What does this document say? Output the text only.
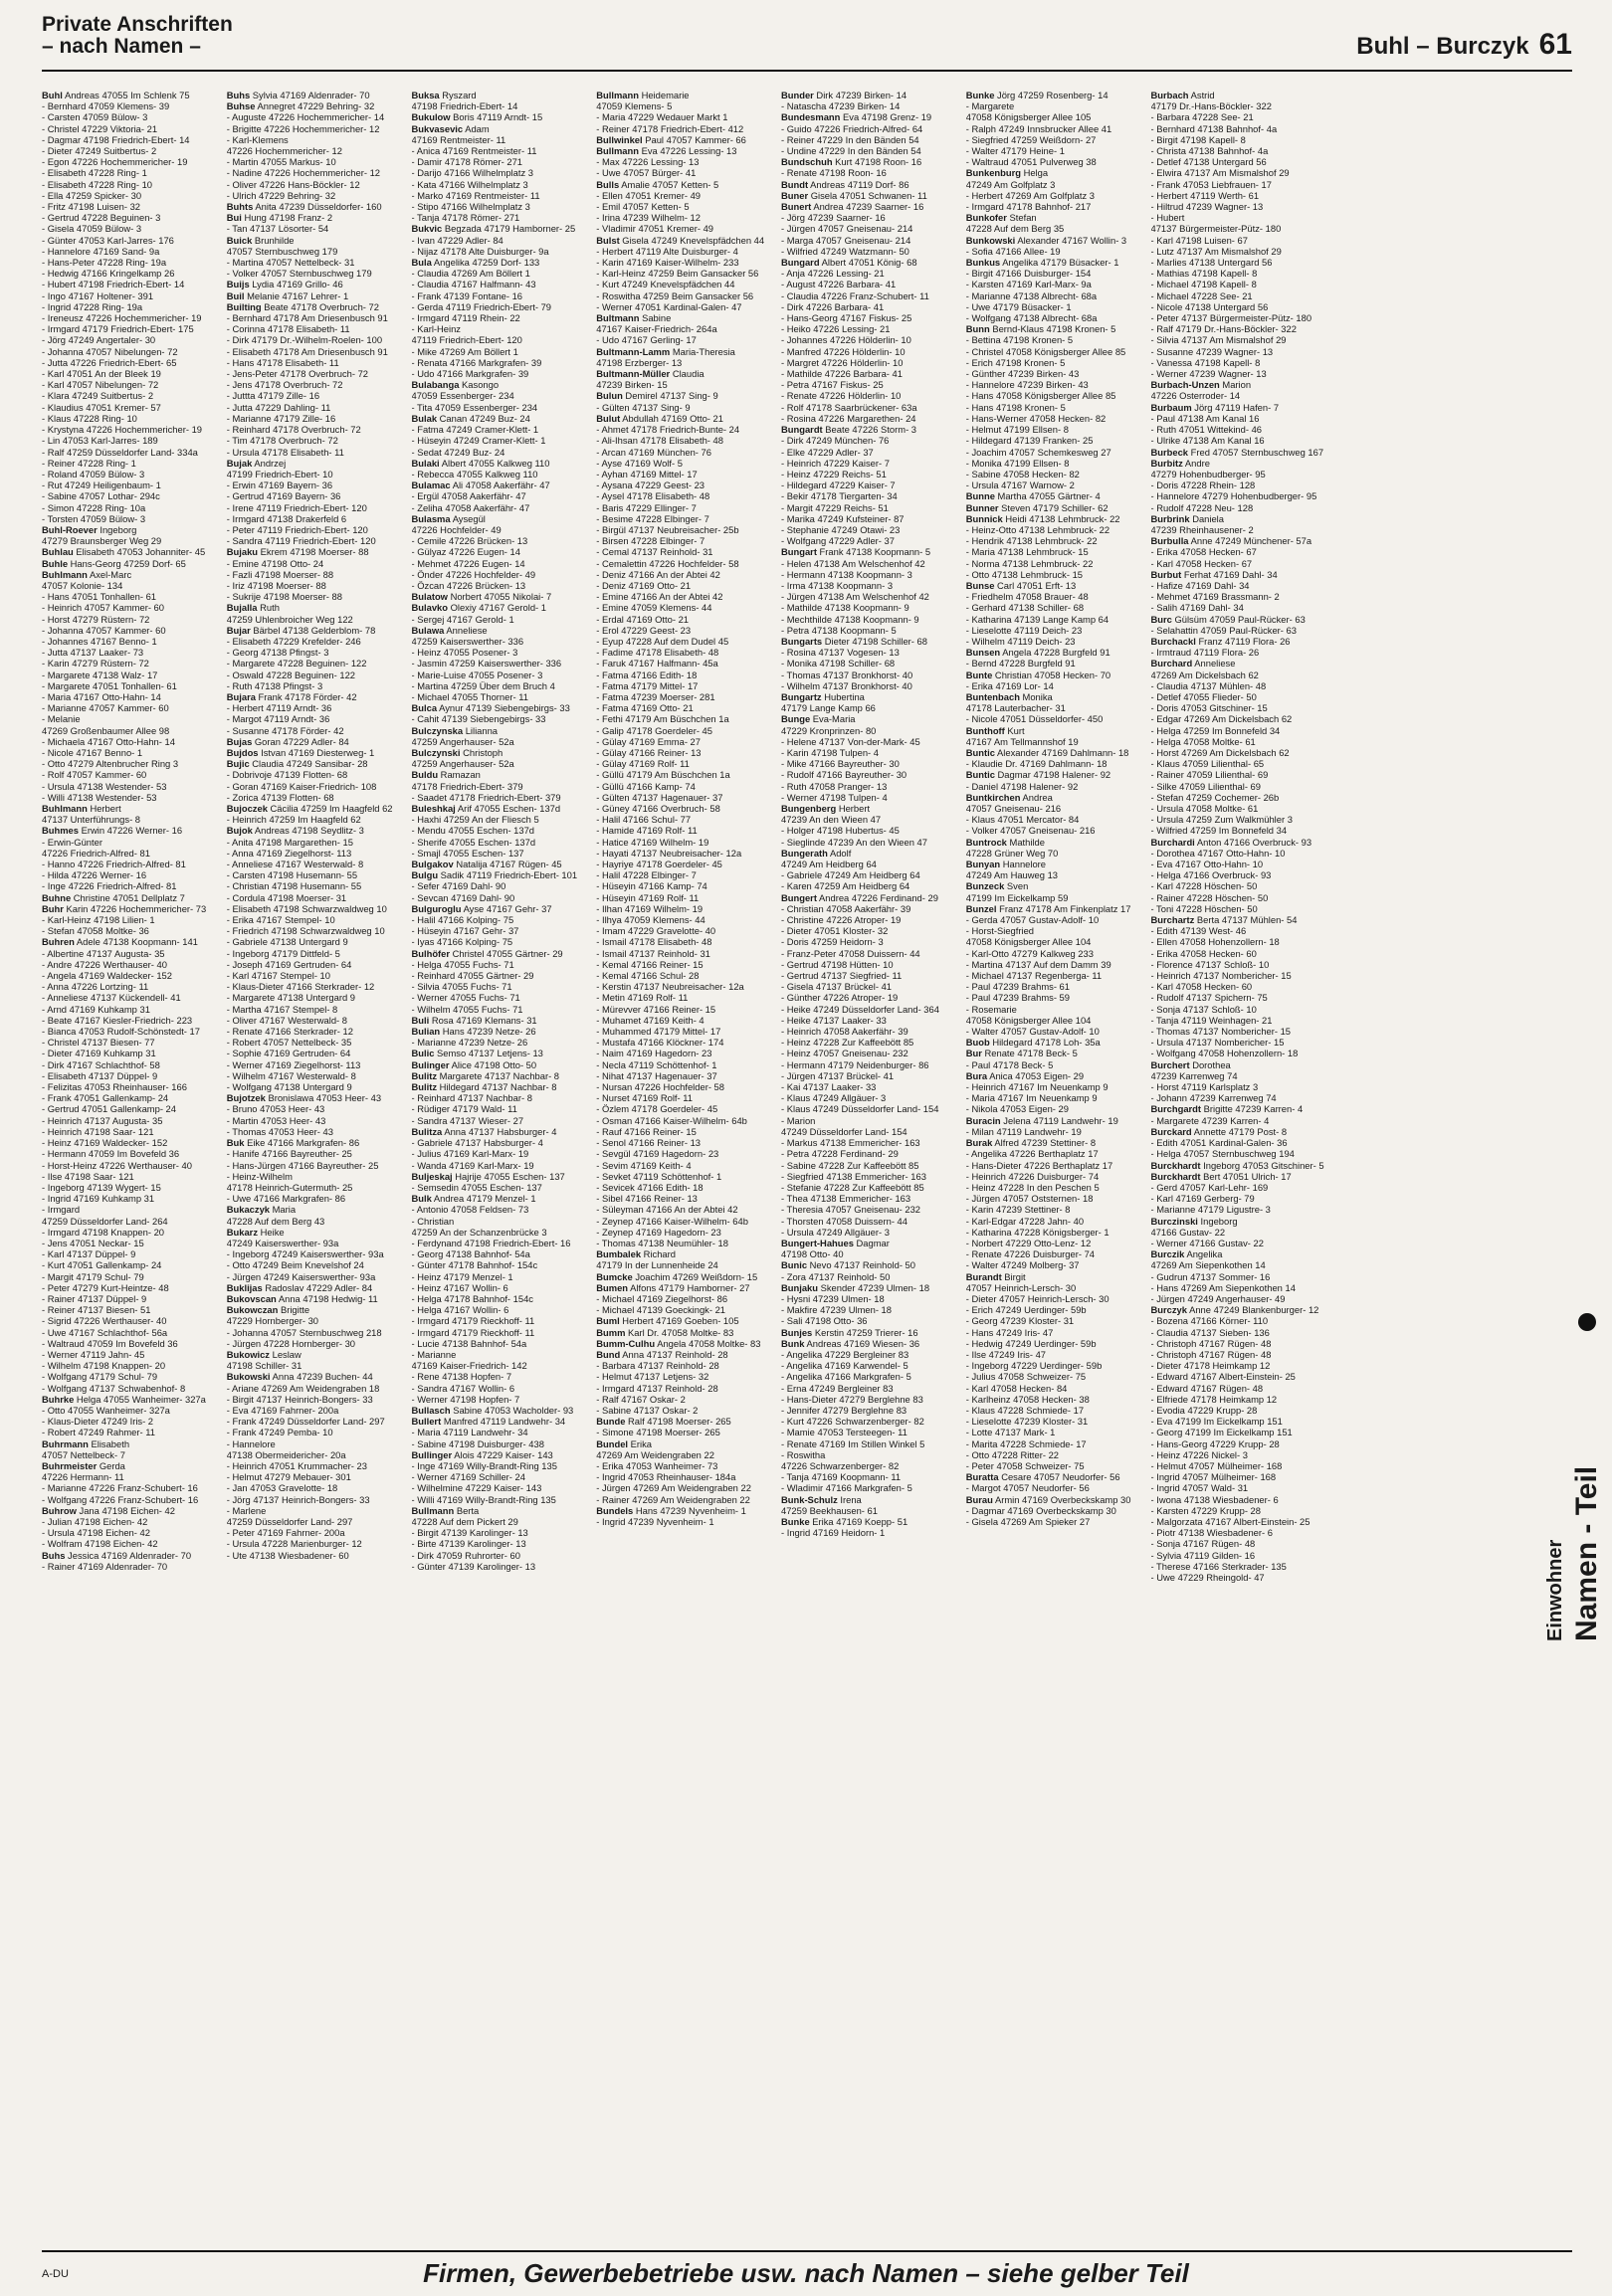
Private Anschriften
– nach Namen –	Buhl – Burczyk 61
Buhl Andreas 47055 Im Schlenk 75
- Bernhard 47059 Klemens- 39
- Carsten 47059 Bülow- 3
- Christel 47229 Viktoria- 21
- Dagmar 47198 Friedrich-Ebert- 14
- Dieter 47249 Suitbertus- 2
- Egon 47226 Hochemmericher- 19
- Elisabeth 47228 Ring- 1
- Elisabeth 47228 Ring- 10
- Ella 47259 Spicker- 30
- Fritz 47198 Luisen- 32
- Gertrud 47228 Beguinen- 3
- Gisela 47059 Bülow- 3
- Günter 47053 Karl-Jarres- 176
- Hannelore 47169 Sand- 9a
- Hans-Peter 47228 Ring- 19a
- Hedwig 47166 Kringelkamp 26
- Hubert 47198 Friedrich-Ebert- 14
- Ingo 47167 Holtener- 391
- Ingrid 47228 Ring- 19a
- Ireneusz 47226 Hochemmericher- 19
- Irmgard 47179 Friedrich-Ebert- 175
- Jörg 47249 Angertaler- 30
- Johanna 47057 Nibelungen- 72
- Jutta 47226 Friedrich-Ebert- 65
- Karl 47051 An der Bleek 19
- Karl 47057 Nibelungen- 72
- Klara 47249 Suitbertus- 2
- Klaudius 47051 Kremer- 57
- Klaus 47228 Ring- 10
- Krystyna 47226 Hochemmericher- 19
- Lin 47053 Karl-Jarres- 189
- Ralf 47259 Düsseldorfer Land- 334a
- Reiner 47228 Ring- 1
- Roland 47059 Bülow- 3
- Rut 47249 Heiligenbaum- 1
- Sabine 47057 Lothar- 294c
- Simon 47228 Ring- 10a
- Torsten 47059 Bülow- 3
Buhl-Roever Ingeborg
47279 Braunsberger Weg 29
Buhlau Elisabeth 47053 Johanniter- 45
Buhle Hans-Georg 47259 Dorf- 65
Buhlmann Axel-Marc
47057 Kolonie- 134
- Hans 47051 Tonhallen- 61
- Heinrich 47057 Kammer- 60
- Horst 47279 Rüstern- 72
- Johanna 47057 Kammer- 60
- Johannes 47167 Benno- 1
- Jutta 47137 Laaker- 73
- Karin 47279 Rüstern- 72
- Margarete 47138 Walz- 17
- Margarete 47051 Tonhallen- 61
- Maria 47167 Otto-Hahn- 14
- Marianne 47057 Kammer- 60
- Melanie
47269 Großenbaumer Allee 98
- Michaela 47167 Otto-Hahn- 14
- Nicole 47167 Benno- 1
- Otto 47279 Altenbrucher Ring 3
- Rolf 47057 Kammer- 60
- Ursula 47138 Westender- 53
- Willi 47138 Westender- 53
Buhlmann Herbert
47137 Unterführungs- 8
Buhmes Erwin 47226 Werner- 16
- Erwin-Günter
47226 Friedrich-Alfred- 81
- Hanno 47226 Friedrich-Alfred- 81
- Hilda 47226 Werner- 16
- Inge 47226 Friedrich-Alfred- 81
Buhne Christine 47051 Dellplatz 7
Buhr Karin 47226 Hochemmericher- 73
- Karl-Heinz 47198 Lilien- 1
- Stefan 47058 Moltke- 36
Buhren Adele 47138 Koopmann- 141
- Albertine 47137 Augusta- 35
- Andre 47226 Werthauser- 40
- Angela 47169 Waldecker- 152
- Anna 47226 Lortzing- 11
- Anneliese 47137 Kückendell- 41
- Arnd 47169 Kuhkamp 31
- Beate 47167 Kiesler-Friedrich- 223
- Bianca 47053 Rudolf-Schönstedt- 17
- Christel 47137 Biesen- 77
- Dieter 47169 Kuhkamp 31
- Dirk 47167 Schlachthof- 58
- Elisabeth 47137 Düppel- 9
- Felizitas 47053 Rheinhauser- 166
- Frank 47051 Gallenkamp- 24
- Gertrud 47051 Gallenkamp- 24
- Heinrich 47137 Augusta- 35
- Heinrich 47198 Saar- 121
- Heinz 47169 Waldecker- 152
- Hermann 47059 Im Bovefeld 36
- Horst-Heinz 47226 Werthauser- 40
- Ilse 47198 Saar- 121
- Ingeborg 47139 Wygert- 15
- Ingrid 47169 Kuhkamp 31
- Irmgard
47259 Düsseldorfer Land- 264
- Irmgard 47198 Knappen- 20
- Jens 47051 Neckar- 15
- Karl 47137 Düppel- 9
- Kurt 47051 Gallenkamp- 24
- Margit 47179 Schul- 79
- Peter 47279 Kurt-Heintze- 48
- Rainer 47137 Düppel- 9
- Reiner 47137 Biesen- 51
- Sigrid 47226 Werthauser- 40
- Uwe 47167 Schlachthof- 56a
- Waltraud 47059 Im Bovefeld 36
- Werner 47119 Jahn- 45
- Wilhelm 47198 Knappen- 20
- Wolfgang 47179 Schul- 79
- Wolfgang 47137 Schwabenhof- 8
Buhrke Helga 47055 Wanheimer- 327a
- Otto 47055 Wanheimer- 327a
- Klaus-Dieter 47249 Iris- 2
- Robert 47249 Rahmer- 11
Buhrmann Elisabeth
47057 Nettelbeck- 7
Buhrmeister Gerda
47226 Hermann- 11
- Marianne 47226 Franz-Schubert- 16
- Wolfgang 47226 Franz-Schubert- 16
Buhrow Jana 47198 Eichen- 42
- Julian 47198 Eichen- 42
- Ursula 47198 Eichen- 42
- Wolfram 47198 Eichen- 42
Buhs Jessica 47169 Aldenrader- 70
- Rainer 47169 Aldenrader- 70
Buhs Sylvia 47169 Aldenrader- 70
Buhse Annegret 47229 Behring- 32
- Auguste 47226 Hochemmericher- 14
- Brigitte 47226 Hochemmericher- 12
- Karl-Klemens
47226 Hochemmericher- 12
- Martin 47055 Markus- 10
- Nadine 47226 Hochemmericher- 12
- Oliver 47226 Hans-Böckler- 12
- Ulrich 47229 Behring- 32
Buhts Anita 47239 Düsseldorfer- 160
Bui Hung 47198 Franz- 2
- Tan 47137 Lösorter- 54
Buick Brunhilde
47057 Sternbuschweg 179
- Martina 47057 Nettelbeck- 31
- Volker 47057 Sternbuschweg 179
Buijs Lydia 47169 Grillo- 46
Buil Melanie 47167 Lehrer- 1
Builting Beate 47178 Overbruch- 72
- Bernhard 47178 Am Driesenbusch 91
- Corinna 47178 Elisabeth- 11
- Dirk 47179 Dr.-Wilhelm-Roelen- 100
- Elisabeth 47178 Am Driesenbusch 91
- Hans 47178 Elisabeth- 11
- Jens-Peter 47178 Overbruch- 72
- Jens 47178 Overbruch- 72
- Juttta 47179 Zille- 16
- Jutta 47229 Dahling- 11
- Marianne 47179 Zille- 16
- Reinhard 47178 Overbruch- 72
- Tim 47178 Overbruch- 72
- Ursula 47178 Elisabeth- 11
Bujak Andrzej
47199 Friedrich-Ebert- 10
- Erwin 47169 Bayern- 36
- Gertrud 47169 Bayern- 36
- Irene 47119 Friedrich-Ebert- 120
- Irmgard 47138 Drakerfeld 6
- Peter 47119 Friedrich-Ebert- 120
- Sandra 47119 Friedrich-Ebert- 120
Bujaku Ekrem 47198 Moerser- 88
- Emine 47198 Otto- 24
- Fazli 47198 Moerser- 88
- Iriz 47198 Moerser- 88
- Sukrije 47198 Moerser- 88
Bujalla Ruth
47259 Uhlenbroicher Weg 122
Bujar Bärbel 47138 Gelderblom- 78
- Elisabeth 47229 Krefelder- 246
- Georg 47138 Pfingst- 3
- Margarete 47228 Beguinen- 122
- Oswald 47228 Beguinen- 122
- Ruth 47138 Pfingst- 3
Bujara Frank 47178 Förder- 42
- Herbert 47119 Arndt- 36
- Margot 47119 Arndt- 36
- Susanne 47178 Förder- 42
Bujas Goran 47229 Adler- 84
Bujdos Istvan 47169 Diesterweg- 1
Bujic Claudia 47249 Sansibar- 28
- Dobrivoje 47139 Flotten- 68
- Goran 47169 Kaiser-Friedrich- 108
- Zorica 47139 Flotten- 68
Bujoczek Cäcilia 47259 Im Haagfeld 62
- Heinrich 47259 Im Haagfeld 62
Bujok Andreas 47198 Seydlitz- 3
- Anita 47198 Margarethen- 15
- Anna 47169 Ziegelhorst- 113
- Anneliese 47167 Westerwald- 8
- Carsten 47198 Husemann- 55
- Christian 47198 Husemann- 55
- Cordula 47198 Moerser- 31
- Elisabeth 47198 Schwarzwaldweg 10
- Erika 47167 Stempel- 10
- Friedrich 47198 Schwarzwaldweg 10
- Gabriele 47138 Untergard 9
- Ingeborg 47179 Dittfeld- 5
- Joseph 47169 Gertruden- 64
- Karl 47167 Stempel- 10
- Klaus-Dieter 47166 Sterkrader- 12
- Margarete 47138 Untergard 9
- Martha 47167 Stempel- 8
- Oliver 47167 Westerwald- 8
- Renate 47166 Sterkrader- 12
- Robert 47057 Nettelbeck- 35
- Sophie 47169 Gertruden- 64
- Werner 47169 Ziegelhorst- 113
- Wilhelm 47167 Westerwald- 8
- Wolfgang 47138 Untergard 9
Bujotzek Bronislawa 47053 Heer- 43
- Bruno 47053 Heer- 43
- Martin 47053 Heer- 43
- Thomas 47053 Heer- 43
Buk Eike 47166 Markgrafen- 86
- Hanife 47166 Bayreuther- 25
- Hans-Jürgen 47166 Bayreuther- 25
- Heinz-Wilhelm
47178 Heinrich-Gutermuth- 25
- Uwe 47166 Markgrafen- 86
Bukaczyk Maria
47228 Auf dem Berg 43
Bukarz Heike
47249 Kaiserswerther- 93a
- Ingeborg 47249 Kaiserswerther- 93a
- Otto 47249 Beim Knevelshof 24
- Jürgen 47249 Kaiserswerther- 93a
Buklijas Radoslav 47229 Adler- 84
Bukovscan Anna 47198 Hedwig- 11
Bukowczan Brigitte
47229 Hornberger- 30
- Johanna 47057 Sternbuschweg 218
- Jürgen 47228 Hornberger- 30
Bukowicz Leslaw
47198 Schiller- 31
Bukowski Anna 47239 Buchen- 44
- Ariane 47269 Am Weidengraben 18
- Birgit 47137 Heinrich-Bongers- 33
- Eva 47169 Fahrner- 200a
- Frank 47249 Düsseldorfer Land- 297
- Frank 47249 Pemba- 10
- Hannelore
47138 Obermeidericher- 20a
- Heinrich 47051 Krummacher- 23
- Helmut 47279 Mebauer- 301
- Jan 47053 Gravelotte- 18
- Jörg 47137 Heinrich-Bongers- 33
- Marlene
47259 Düsseldorfer Land- 297
- Peter 47169 Fahrner- 200a
- Ursula 47228 Marienburger- 12
- Ute 47138 Wiesbadener- 60
Buksa Ryszard
47198 Friedrich-Ebert- 14
Bukulow Boris 47119 Arndt- 15
Bukvasevic Adam
47169 Rentmeister- 11
- Anica 47169 Rentmeister- 11
- Damir 47178 Römer- 271
- Darijo 47166 Wilhelmplatz 3
- Kata 47166 Wilhelmplatz 3
- Marko 47169 Rentmeister- 11
- Stipo 47166 Wilhelmplatz 3
- Tanja 47178 Römer- 271
Bukvic Begzada 47179 Hamborner- 25
- Ivan 47229 Adler- 84
- Nijaz 47178 Alte Duisburger- 9a
Bula Angelika 47259 Dorf- 133
- Claudia 47269 Am Böllert 1
- Claudia 47167 Halfmann- 43
- Frank 47139 Fontane- 16
- Gerda 47119 Friedrich-Ebert- 79
- Irmgard 47119 Rhein- 22
- Karl-Heinz
47119 Friedrich-Ebert- 120
- Mike 47269 Am Böllert 1
- Renata 47166 Markgrafen- 39
- Udo 47166 Markgrafen- 39
Bulabanga Kasongo
47059 Essenberger- 234
- Tita 47059 Essenberger- 234
Bulak Canan 47249 Buz- 24
- Fatma 47249 Cramer-Klett- 1
- Hüseyin 47249 Cramer-Klett- 1
- Sedat 47249 Buz- 24
Bulaki Albert 47055 Kalkweg 110
- Rebecca 47055 Kalkweg 110
Bulamac Ali 47058 Aakerfähr- 47
- Ergül 47058 Aakerfähr- 47
- Zeliha 47058 Aakerfähr- 47
Bulasma Aysegül
47226 Hochfelder- 49
- Cemile 47226 Brücken- 13
- Gülyaz 47226 Eugen- 14
- Mehmet 47226 Eugen- 14
- Önder 47226 Hochfelder- 49
- Özcan 47226 Brücken- 13
Bulatow Norbert 47055 Nikolai- 7
Bulavko Olexiy 47167 Gerold- 1
- Sergej 47167 Gerold- 1
Bulawa Anneliese
47259 Kaiserswerther- 336
- Heinz 47055 Posener- 3
- Jasmin 47259 Kaiserswerther- 336
- Marie-Luise 47055 Posener- 3
- Martina 47259 Über dem Bruch 4
- Michael 47055 Thorner- 11
Bulca Aynur 47139 Siebengebirgs- 33
- Cahit 47139 Siebengebirgs- 33
Bulczynska Lilianna
47259 Angerhauser- 52a
Bulczynski Christoph
47259 Angerhauser- 52a
Buldu Ramazan
47178 Friedrich-Ebert- 379
- Saadet 47178 Friedrich-Ebert- 379
Buleshkaj Arif 47055 Eschen- 137d
- Haxhi 47259 An der Fliesch 5
- Mendu 47055 Eschen- 137d
- Sherife 47055 Eschen- 137d
- Smajl 47055 Eschen- 137
Bulgakov Natalija 47167 Rügen- 45
Bulgu Sadik 47119 Friedrich-Ebert- 101
- Sefer 47169 Dahl- 90
- Sevcan 47169 Dahl- 90
Bulguroglu Ayse 47167 Gehr- 37
- Halil 47166 Kolping- 75
- Hüseyin 47167 Gehr- 37
- Iyas 47166 Kolping- 75
Bulhöfer Christel 47055 Gärtner- 29
- Helga 47055 Fuchs- 71
- Reinhard 47055 Gärtner- 29
- Silvia 47055 Fuchs- 71
- Werner 47055 Fuchs- 71
- Wilhelm 47055 Fuchs- 71
Buli Rosa 47169 Klemans- 31
Bulian Hans 47239 Netze- 26
- Marianne 47239 Netze- 26
Bulic Semso 47137 Letjens- 13
Bulinger Alice 47198 Otto- 50
Bulitz Margarete 47137 Nachbar- 8
Bulitz Hildegard 47137 Nachbar- 8
- Reinhard 47137 Nachbar- 8
- Rüdiger 47179 Wald- 11
- Sandra 47137 Wieser- 27
Bulitza Anna 47137 Habsburger- 4
- Gabriele 47137 Habsburger- 4
- Julius 47169 Karl-Marx- 19
- Wanda 47169 Karl-Marx- 19
Buljeskaj Hajrije 47055 Eschen- 137
- Semsedin 47055 Eschen- 137
Bulk Andrea 47179 Menzel- 1
- Antonio 47058 Feldsen- 73
- Christian
47259 An der Schanzenbrücke 3
- Ferdynand 47198 Friedrich-Ebert- 16
- Georg 47138 Bahnhof- 54a
- Günter 47178 Bahnhof- 154c
- Heinz 47179 Menzel- 1
- Heinz 47167 Wollin- 6
- Helga 47178 Bahnhof- 154c
- Helga 47167 Wollin- 6
- Irmgard 47179 Rieckhoff- 11
- Irmgard 47179 Rieckhoff- 11
- Lucie 47138 Bahnhof- 54a
- Marianne
47169 Kaiser-Friedrich- 142
- Rene 47138 Hopfen- 7
- Sandra 47167 Wollin- 6
- Werner 47198 Hopfen- 7
Bullasch Sabine 47053 Wacholder- 93
Bullert Manfred 47119 Landwehr- 34
- Maria 47119 Landwehr- 34
- Sabine 47198 Duisburger- 438
Bullinger Alois 47229 Kaiser- 143
- Inge 47169 Willy-Brandt-Ring 135
- Werner 47169 Schiller- 24
- Wilhelmine 47229 Kaiser- 143
- Willi 47169 Willy-Brandt-Ring 135
Bullmann Berta
47228 Auf dem Pickert 29
- Birgit 47139 Karolinger- 13
- Birte 47139 Karolinger- 13
- Dirk 47059 Ruhrorter- 60
- Günter 47139 Karolinger- 13
Bullmann Heidemarie
47059 Klemens- 5
- Maria 47229 Wedauer Markt 1
- Reiner 47178 Friedrich-Ebert- 412
Bullwinkel Paul 47057 Kammer- 66
Bullmann Eva 47226 Lessing- 13
- Max 47226 Lessing- 13
- Uwe 47057 Bürger- 41
Bulls Amalie 47057 Ketten- 5
- Ellen 47051 Kremer- 49
- Emil 47057 Ketten- 5
- Irina 47239 Wilhelm- 12
- Vladimir 47051 Kremer- 49
Bulst Gisela 47249 Knevelspfädchen 44
- Herbert 47119 Alte Duisburger- 4
- Karin 47169 Kaiser-Wilhelm- 233
- Karl-Heinz 47259 Beim Gansacker 56
- Kurt 47249 Knevelspfädchen 44
- Roswitha 47259 Beim Gansacker 56
- Werner 47051 Kardinal-Galen- 47
Bultmann Sabine
47167 Kaiser-Friedrich- 264a
- Udo 47167 Gerling- 17
Bultmann-Lamm Maria-Theresia
47198 Erzberger- 13
Bultmann-Müller Claudia
47239 Birken- 15
Bulun Demirel 47137 Sing- 9
- Gülten 47137 Sing- 9
Bulut Abdullah 47169 Otto- 21
- Ahmet 47178 Friedrich-Bunte- 24
- Ali-Ihsan 47178 Elisabeth- 48
- Arcan 47169 München- 76
- Ayse 47169 Wolf- 5
- Ayhan 47169 Mittel- 17
- Aysana 47229 Geest- 23
- Aysel 47178 Elisabeth- 48
- Baris 47229 Ellinger- 7
- Besime 47228 Elbinger- 7
- Birgül 47137 Neubreisacher- 25b
- Birsen 47228 Elbinger- 7
- Cemal 47137 Reinhold- 31
- Cemalettin 47226 Hochfelder- 58
- Deniz 47166 An der Abtei 42
- Deniz 47169 Otto- 21
- Emine 47166 An der Abtei 42
- Emine 47059 Klemens- 44
- Erdal 47169 Otto- 21
- Erol 47229 Geest- 23
- Eyup 47228 Auf dem Dudel 45
- Fadime 47178 Elisabeth- 48
- Faruk 47167 Halfmann- 45a
- Fatma 47166 Edith- 18
- Fatma 47179 Mittel- 17
- Fatma 47239 Moerser- 281
- Fatma 47169 Otto- 21
- Fethi 47179 Am Büschchen 1a
- Galip 47178 Goerdeler- 45
- Gülay 47169 Emma- 27
- Gülay 47166 Reiner- 13
- Gülay 47169 Rolf- 11
- Güllü 47179 Am Büschchen 1a
- Güllü 47166 Kamp- 74
- Gülten 47137 Hagenauer- 37
- Güney 47166 Overbruch- 58
- Halil 47166 Schul- 77
- Hamide 47169 Rolf- 11
- Hatice 47169 Wilhelm- 19
- Hayati 47137 Neubreisacher- 12a
- Hayriye 47178 Goerdeler- 45
- Halil 47228 Elbinger- 7
- Hüseyin 47166 Kamp- 74
- Hüseyin 47169 Rolf- 11
- Ilhan 47169 Wilhelm- 19
- Ilhya 47059 Klemens- 44
- Imam 47229 Gravelotte- 40
- Ismail 47178 Elisabeth- 48
- Ismail 47137 Reinhold- 31
- Kemal 47166 Reiner- 15
- Kemal 47166 Schul- 28
- Kerstin 47137 Neubreisacher- 12a
- Metin 47169 Rolf- 11
- Mürevver 47166 Reiner- 15
- Muhamet 47169 Keith- 4
- Muhammed 47179 Mittel- 17
- Mustafa 47166 Klöckner- 174
- Naim 47169 Hagedorn- 23
- Necla 47119 Schöttenhof- 1
- Nihat 47137 Hagenauer- 37
- Nursan 47226 Hochfelder- 58
- Nurset 47169 Rolf- 11
- Özlem 47178 Goerdeler- 45
- Osman 47166 Kaiser-Wilhelm- 64b
- Rauf 47166 Reiner- 15
- Senol 47166 Reiner- 13
- Sevgül 47169 Hagedorn- 23
- Sevim 47169 Keith- 4
- Sevket 47119 Schöttenhof- 1
- Sevicek 47166 Edith- 18
- Sibel 47166 Reiner- 13
- Süleyman 47166 An der Abtei 42
- Zeynep 47166 Kaiser-Wilhelm- 64b
- Zeynep 47169 Hagedorn- 23
- Thomas 47138 Neumühler- 18
Bumbalek Richard
47179 In der Lunnenheide 24
Bumcke Joachim 47269 Weißdorn- 15
Bumen Alfons 47179 Hamborner- 27
- Michael 47169 Ziegelhorst- 86
- Michael 47139 Goeckingk- 21
Buml Herbert 47169 Goeben- 105
Bumm Karl Dr. 47058 Moltke- 83
Bumm-Culhu Angela 47058 Moltke- 83
Bund Anna 47137 Reinhold- 28
- Barbara 47137 Reinhold- 28
- Helmut 47137 Letjens- 32
- Irmgard 47137 Reinhold- 28
- Ralf 47167 Oskar- 2
- Sabine 47137 Oskar- 2
Bunde Ralf 47198 Moerser- 265
- Simone 47198 Moerser- 265
Bundel Erika
47269 Am Weidengraben 22
- Erika 47053 Wanheimer- 73
- Ingrid 47053 Rheinhauser- 184a
- Jürgen 47269 Am Weidengraben 22
- Rainer 47269 Am Weidengraben 22
Bundels Hans 47239 Nyvenheim- 1
- Ingrid 47239 Nyvenheim- 1
Bunder Dirk 47239 Birken- 14
- Natascha 47239 Birken- 14
Bundesmann Eva 47198 Grenz- 19
- Guido 47226 Friedrich-Alfred- 64
- Reiner 47229 In den Bänden 54
- Undine 47229 In den Bänden 54
Bundschuh Kurt 47198 Roon- 16
- Renate 47198 Roon- 16
Bundt Andreas 47119 Dorf- 86
Buner Gisela 47051 Schwanen- 11
Bunert Andrea 47239 Saarner- 16
- Jörg 47239 Saarner- 16
- Jürgen 47057 Gneisenau- 214
- Marga 47057 Gneisenau- 214
- Wilfried 47249 Watzmann- 50
Bungard Albert 47051 König- 68
- Anja 47226 Lessing- 21
- August 47226 Barbara- 41
- Claudia 47226 Franz-Schubert- 11
- Dirk 47226 Barbara- 41
- Hans-Georg 47167 Fiskus- 25
- Heiko 47226 Lessing- 21
- Johannes 47226 Hölderlin- 10
- Manfred 47226 Hölderlin- 10
- Margret 47226 Hölderlin- 10
- Mathilde 47226 Barbara- 41
- Petra 47167 Fiskus- 25
- Renate 47226 Hölderlin- 10
- Rolf 47178 Saarbrückener- 63a
- Rosina 47226 Margarethen- 24
Bungardt Beate 47226 Storm- 3
- Dirk 47249 München- 76
- Elke 47229 Adler- 37
- Heinrich 47229 Kaiser- 7
- Heinz 47229 Reichs- 51
- Hildegard 47229 Kaiser- 7
- Bekir 47178 Tiergarten- 34
- Margit 47229 Reichs- 51
- Marika 47249 Kufsteiner- 87
- Stephanie 47249 Otawi- 23
- Wolfgang 47229 Adler- 37
Bungart Frank 47138 Koopmann- 5
- Helen 47138 Am Welschenhof 42
- Hermann 47138 Koopmann- 3
- Irma 47138 Koopmann- 3
- Jürgen 47138 Am Welschenhof 42
- Mathilde 47138 Koopmann- 9
- Mechthilde 47138 Koopmann- 9
- Petra 47138 Koopmann- 5
Bungarts Dieter 47198 Schiller- 68
- Rosina 47137 Vogesen- 13
- Monika 47198 Schiller- 68
- Thomas 47137 Bronkhorst- 40
- Wilhelm 47137 Bronkhorst- 40
Bungartz Hubertina
47179 Lange Kamp 66
Bunge Eva-Maria
47229 Kronprinzen- 80
- Helene 47137 Von-der-Mark- 45
- Karin 47198 Tulpen- 4
- Mike 47166 Bayreuther- 30
- Rudolf 47166 Bayreuther- 30
- Ruth 47058 Pranger- 13
- Werner 47198 Tulpen- 4
Bungenberg Herbert
47239 An den Wieen 47
- Holger 47198 Hubertus- 45
- Sieglinde 47239 An den Wieen 47
Bungerath Adolf
47249 Am Heidberg 64
- Gabriele 47249 Am Heidberg 64
- Karen 47259 Am Heidberg 64
Bungert Andrea 47226 Ferdinand- 29
- Christian 47058 Aakerfähr- 39
- Christine 47226 Atroper- 19
- Dieter 47051 Kloster- 32
- Doris 47259 Heidorn- 3
- Franz-Peter 47058 Duissern- 44
- Gertrud 47198 Hütten- 10
- Gertrud 47137 Siegfried- 11
- Gisela 47137 Brückel- 41
- Günther 47226 Atroper- 19
- Heike 47249 Düsseldorfer Land- 364
- Heike 47137 Laaker- 33
- Heinrich 47058 Aakerfähr- 39
- Heinz 47228 Zur Kaffeebött 85
- Heinz 47057 Gneisenau- 232
- Hermann 47179 Neidenburger- 86
- Jürgen 47137 Brückel- 41
- Kai 47137 Laaker- 33
- Klaus 47249 Allgäuer- 3
- Klaus 47249 Düsseldorfer Land- 154
- Marion
47249 Düsseldorfer Land- 154
- Markus 47138 Emmericher- 163
- Petra 47228 Ferdinand- 29
- Sabine 47228 Zur Kaffeebött 85
- Siegfried 47138 Emmericher- 163
- Stefanie 47228 Zur Kaffeebött 85
- Thea 47138 Emmericher- 163
- Theresia 47057 Gneisenau- 232
- Thorsten 47058 Duissern- 44
- Ursula 47249 Allgäuer- 3
Bungert-Hahues Dagmar
47198 Otto- 40
Bunic Nevo 47137 Reinhold- 50
- Zora 47137 Reinhold- 50
Bunjaku Skender 47239 Ulmen- 18
- Hysni 47239 Ulmen- 18
- Makfire 47239 Ulmen- 18
- Sali 47198 Otto- 36
Bunjes Kerstin 47259 Trierer- 16
Bunk Andreas 47169 Wiesen- 36
- Angelika 47229 Bergleiner 83
- Angelika 47169 Karwendel- 5
- Angelika 47166 Markgrafen- 5
- Erna 47249 Bergleiner 83
- Hans-Dieter 47279 Berglehne 83
- Jennifer 47279 Berglehne 83
- Kurt 47226 Schwarzenberger- 82
- Mamie 47053 Tersteegen- 11
- Renate 47169 Im Stillen Winkel 5
- Roswitha
47226 Schwarzenberger- 82
- Tanja 47169 Koopmann- 11
- Wladimir 47166 Markgrafen- 5
Bunk-Schulz Irena
47259 Beekhausen- 61
Bunke Erika 47169 Koepp- 51
- Ingrid 47169 Heidorn- 1
Bunke Jörg 47259 Rosenberg- 14
- Margarete
47058 Königsberger Allee 105
- Ralph 47249 Innsbrucker Allee 41
- Siegfried 47259 Weißdorn- 27
- Walter 47179 Heine- 1
- Waltraud 47051 Pulverweg 38
Bunkenburg Helga
47249 Am Golfplatz 3
- Herbert 47269 Am Golfplatz 3
- Irmgard 47178 Bahnhof- 217
Bunkofer Stefan
47228 Auf dem Berg 35
Bunkowski Alexander 47167 Wollin- 3
- Sofia 47166 Allee- 19
Bunkus Angelika 47179 Büsacker- 1
- Birgit 47166 Duisburger- 154
- Karsten 47169 Karl-Marx- 9a
- Marianne 47138 Albrecht- 68a
- Uwe 47179 Büsacker- 1
- Wolfgang 47138 Albrecht- 68a
Bunn Bernd-Klaus 47198 Kronen- 5
- Bettina 47198 Kronen- 5
- Christel 47058 Königsberger Allee 85
- Erich 47198 Kronen- 5
- Günther 47239 Birken- 43
- Hannelore 47239 Birken- 43
- Hans 47058 Königsberger Allee 85
- Hans 47198 Kronen- 5
- Hans-Werner 47058 Hecken- 82
- Helmut 47199 Ellsen- 8
- Hildegard 47139 Franken- 25
- Joachim 47057 Schemkesweg 27
- Monika 47199 Ellsen- 8
- Sabine 47058 Hecken- 82
- Ursula 47167 Warnow- 2
Bunne Martha 47055 Gärtner- 4
Bunner Steven 47179 Schiller- 62
Bunnick Heidi 47138 Lehmbruck- 22
- Heinz-Otto 47138 Lehmbruck- 22
- Hendrik 47138 Lehmbruck- 22
- Maria 47138 Lehmbruck- 15
- Norma 47138 Lehmbruck- 22
- Otto 47138 Lehmbruck- 15
Bunse Carl 47051 Erft- 13
- Friedhelm 47058 Brauer- 48
- Gerhard 47138 Schiller- 68
- Katharina 47139 Lange Kamp 64
- Lieselotte 47119 Deich- 23
- Wilhelm 47119 Deich- 23
Bunsen Angela 47228 Burgfeld 91
- Bernd 47228 Burgfeld 91
Bunte Christian 47058 Hecken- 70
- Erika 47169 Lor- 14
Buntenbach Monika
47178 Lauterbacher- 31
- Nicole 47051 Düsseldorfer- 450
Bunthoff Kurt
47167 Am Tellmannshof 19
Buntic Alexander 47169 Dahlmann- 18
- Klaudie Dr. 47169 Dahlmann- 18
Buntic Dagmar 47198 Halener- 92
- Daniel 47198 Halener- 92
Buntkirchen Andrea
47057 Gneisenau- 216
- Klaus 47051 Mercator- 84
- Volker 47057 Gneisenau- 216
Buntrock Mathilde
47228 Grüner Weg 70
Bunyan Hannelore
47249 Am Hauweg 13
Bunzeck Sven
47199 Im Eickelkamp 59
Bunzel Franz 47178 Am Finkenplatz 17
- Gerda 47057 Gustav-Adolf- 10
- Horst-Siegfried
47058 Königsberger Allee 104
- Karl-Otto 47279 Kalkweg 233
- Martina 47137 Auf dem Damm 39
- Michael 47137 Regenberga- 11
- Paul 47239 Brahms- 61
- Paul 47239 Brahms- 59
- Rosemarie
47058 Königsberger Allee 104
- Walter 47057 Gustav-Adolf- 10
Buob Hildegard 47178 Loh- 35a
Bur Renate 47178 Beck- 5
- Paul 47178 Beck- 5
Bura Anica 47053 Eigen- 29
- Heinrich 47167 Im Neuenkamp 9
- Maria 47167 Im Neuenkamp 9
- Nikola 47053 Eigen- 29
Buracin Jelena 47119 Landwehr- 19
- Milan 47119 Landwehr- 19
Burak Alfred 47239 Stettiner- 8
- Angelika 47226 Berthaplatz 17
- Hans-Dieter 47226 Berthaplatz 17
- Heinrich 47226 Duisburger- 74
- Heinz 47228 In den Peschen 5
- Jürgen 47057 Oststernen- 18
- Karin 47239 Stettiner- 8
- Karl-Edgar 47228 Jahn- 40
- Katharina 47228 Königsberger- 1
- Norbert 47229 Otto-Lenz- 12
- Renate 47226 Duisburger- 74
- Walter 47249 Molberg- 37
Burandt Birgit
47057 Heinrich-Lersch- 30
- Dieter 47057 Heinrich-Lersch- 30
- Erich 47249 Uerdinger- 59b
- Georg 47239 Kloster- 31
- Hans 47249 Iris- 47
- Hedwig 47249 Uerdinger- 59b
- Ilse 47249 Iris- 47
- Ingeborg 47229 Uerdinger- 59b
- Julius 47058 Schweizer- 75
- Karl 47058 Hecken- 84
- Karlheinz 47058 Hecken- 38
- Klaus 47228 Schmiede- 17
- Lieselotte 47239 Kloster- 31
- Lotte 47137 Mark- 1
- Marita 47228 Schmiede- 17
- Otto 47228 Ritter- 22
- Peter 47058 Schweizer- 75
Buratta Cesare 47057 Neudorfer- 56
- Margot 47057 Neudorfer- 56
Burau Armin 47169 Overbeckskamp 30
- Dagmar 47169 Overbeckskamp 30
- Gisela 47269 Am Spieker 27
Burbach Astrid
47179 Dr.-Hans-Böckler- 322
- Barbara 47228 See- 21
- Bernhard 47138 Bahnhof- 4a
- Birgit 47198 Kapell- 8
- Christa 47138 Bahnhof- 4a
- Detlef 47138 Untergard 56
- Elwira 47137 Am Mismalshof 29
- Frank 47053 Liebfrauen- 17
- Herbert 47119 Werth- 61
- Hiltrud 47239 Wagner- 13
- Hubert
47137 Bürgermeister-Pütz- 180
- Karl 47198 Luisen- 67
- Lutz 47137 Am Mismalshof 29
- Marlies 47138 Untergard 56
- Mathias 47198 Kapell- 8
- Michael 47198 Kapell- 8
- Michael 47228 See- 21
- Nicole 47138 Untergard 56
- Peter 47137 Bürgermeister-Pütz- 180
- Ralf 47179 Dr.-Hans-Böckler- 322
- Silvia 47137 Am Mismalshof 29
- Susanne 47239 Wagner- 13
- Vanessa 47198 Kapell- 8
- Werner 47239 Wagner- 13
Burbach-Unzen Marion
47226 Osterroder- 14
Burbaum Jörg 47119 Hafen- 7
- Paul 47138 Am Kanal 16
- Ruth 47051 Wittekind- 46
- Ulrike 47138 Am Kanal 16
Burbeck Fred 47057 Sternbuschweg 167
Burbitz Andre
47279 Hohenbudberger- 95
- Doris 47228 Rhein- 128
- Hannelore 47279 Hohenbudberger- 95
- Rudolf 47228 Neu- 128
Burbrink Daniela
47239 Rheinhausener- 2
Burbulla Anne 47249 Münchener- 57a
- Erika 47058 Hecken- 67
- Karl 47058 Hecken- 67
Burbut Ferhat 47169 Dahl- 34
- Hafize 47169 Dahl- 34
- Mehmet 47169 Brassmann- 2
- Salih 47169 Dahl- 34
Burc Gülsüm 47059 Paul-Rücker- 63
- Selahattin 47059 Paul-Rücker- 63
Burchackl Franz 47119 Flora- 26
- Irmtraud 47119 Flora- 26
Burchard Anneliese
47269 Am Dickelsbach 62
- Claudia 47137 Mühlen- 48
- Detlef 47055 Flieder- 50
- Doris 47053 Gitschiner- 15
- Edgar 47269 Am Dickelsbach 62
- Helga 47259 Im Bonnefeld 34
- Helga 47058 Moltke- 61
- Horst 47269 Am Dickelsbach 62
- Klaus 47059 Lilienthal- 65
- Rainer 47059 Lilienthal- 69
- Silke 47059 Lilienthal- 69
- Stefan 47259 Cochemer- 26b
- Ursula 47058 Moltke- 61
- Ursula 47259 Zum Walkmühler 3
- Wilfried 47259 Im Bonnefeld 34
Burchardi Anton 47166 Overbruck- 93
- Dorothea 47167 Otto-Hahn- 10
- Eva 47167 Otto-Hahn- 10
- Helga 47166 Overbruck- 93
- Karl 47228 Höschen- 50
- Rainer 47228 Höschen- 50
- Toni 47228 Höschen- 50
Burchartz Berta 47137 Mühlen- 54
- Edith 47139 West- 46
- Ellen 47058 Hohenzollern- 18
- Erika 47058 Hecken- 60
- Florence 47137 Schloß- 10
- Heinrich 47137 Nombericher- 15
- Karl 47058 Hecken- 60
- Rudolf 47137 Spichern- 75
- Sonja 47137 Schloß- 10
- Tanja 47119 Weinhagen- 21
- Thomas 47137 Nombericher- 15
- Ursula 47137 Nombericher- 15
- Wolfgang 47058 Hohenzollern- 18
Burchert Dorothea
47239 Karrenweg 74
- Horst 47119 Karlsplatz 3
- Johann 47239 Karrenweg 74
Burchgardt Brigitte 47239 Karren- 4
- Margarete 47239 Karren- 4
Burckard Annette 47179 Post- 8
- Edith 47051 Kardinal-Galen- 36
- Helga 47057 Sternbuschweg 194
Burckhardt Ingeborg 47053 Gitschiner- 5
Burckhardt Bert 47051 Ulrich- 17
- Gerd 47057 Karl-Lehr- 169
- Karl 47169 Gerberg- 79
- Marianne 47179 Ligustre- 3
Burczinski Ingeborg
47166 Gustav- 22
- Werner 47166 Gustav- 22
Burczik Angelika
47269 Am Siepenkothen 14
- Gudrun 47137 Sommer- 16
- Hans 47269 Am Siepenkothen 14
- Jürgen 47249 Angerhauser- 49
Burczyk Anne 47249 Blankenburger- 12
- Bozena 47166 Körner- 110
- Claudia 47137 Sieben- 136
- Christoph 47167 Rügen- 48
- Christoph 47167 Rügen- 48
- Dieter 47178 Heimkamp 12
- Edward 47167 Albert-Einstein- 25
- Edward 47167 Rügen- 48
- Elfriede 47178 Heimkamp 12
- Evodia 47229 Krupp- 28
- Eva 47199 Im Eickelkamp 151
- Georg 47199 Im Eickelkamp 151
- Hans-Georg 47229 Krupp- 28
- Heinz 47226 Nickel- 3
- Helmut 47057 Mülheimer- 168
- Ingrid 47057 Mülheimer- 168
- Ingrid 47057 Wald- 31
- Iwona 47138 Wiesbadener- 6
- Karsten 47229 Krupp- 28
- Malgorzata 47167 Albert-Einstein- 25
- Piotr 47138 Wiesbadener- 6
- Sonja 47167 Rügen- 48
- Sylvia 47119 Gilden- 16
- Therese 47166 Sterkrader- 135
- Uwe 47229 Rheingold- 47	Einwohner Namen - Teil
A-DU	Firmen, Gewerbebetriebe usw. nach Namen – siehe gelber Teil
